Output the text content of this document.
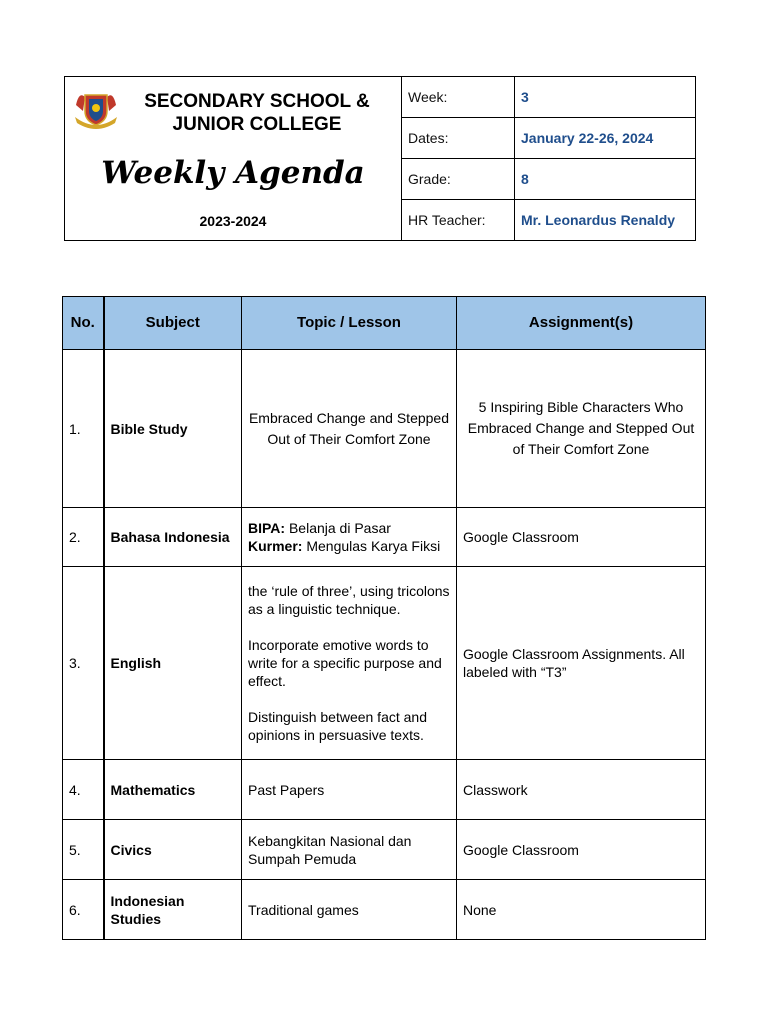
SECONDARY SCHOOL &
JUNIOR COLLEGE
Weekly Agenda
2023-2024	Week:	3
	Dates:	January 22-26, 2024
	Grade:	8
	HR Teacher:	Mr. Leonardus Renaldy
No.	Subject	Topic / Lesson	Assignment(s)
1.	Bible Study	Embraced Change and Stepped Out of Their Comfort Zone	5 Inspiring Bible Characters Who Embraced Change and Stepped Out of Their Comfort Zone
2.	Bahasa Indonesia	BIPA: Belanja di Pasar
Kurmer: Mengulas Karya Fiksi	Google Classroom
3.	English	the ‘rule of three’, using tricolons as a linguistic technique.

Incorporate emotive words to write for a specific purpose and effect.

Distinguish between fact and opinions in persuasive texts.	Google Classroom Assignments. All labeled with “T3”
4.	Mathematics	Past Papers	Classwork
5.	Civics	Kebangkitan Nasional dan Sumpah Pemuda	Google Classroom
6.	Indonesian Studies	Traditional games	None
